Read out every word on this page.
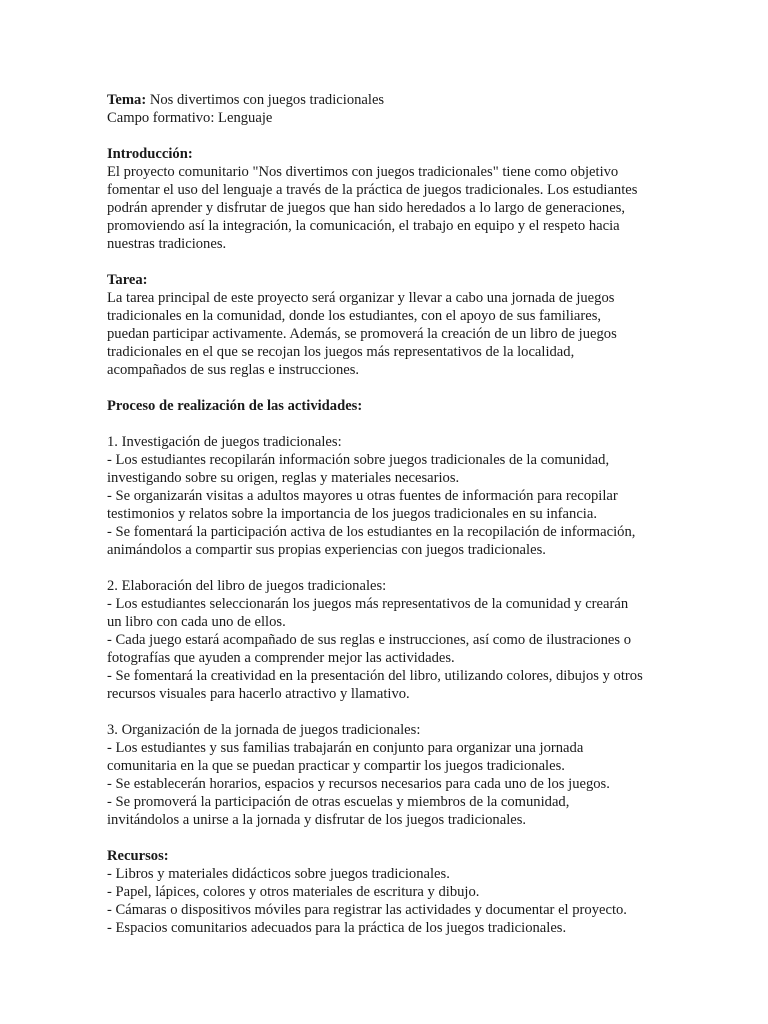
Tema: Nos divertimos con juegos tradicionales
Campo formativo: Lenguaje
Introducción:
El proyecto comunitario "Nos divertimos con juegos tradicionales" tiene como objetivo
fomentar el uso del lenguaje a través de la práctica de juegos tradicionales. Los estudiantes
podrán aprender y disfrutar de juegos que han sido heredados a lo largo de generaciones,
promoviendo así la integración, la comunicación, el trabajo en equipo y el respeto hacia
nuestras tradiciones.
Tarea:
La tarea principal de este proyecto será organizar y llevar a cabo una jornada de juegos
tradicionales en la comunidad, donde los estudiantes, con el apoyo de sus familiares,
puedan participar activamente. Además, se promoverá la creación de un libro de juegos
tradicionales en el que se recojan los juegos más representativos de la localidad,
acompañados de sus reglas e instrucciones.
Proceso de realización de las actividades:
1. Investigación de juegos tradicionales:
- Los estudiantes recopilarán información sobre juegos tradicionales de la comunidad,
investigando sobre su origen, reglas y materiales necesarios.
- Se organizarán visitas a adultos mayores u otras fuentes de información para recopilar
testimonios y relatos sobre la importancia de los juegos tradicionales en su infancia.
- Se fomentará la participación activa de los estudiantes en la recopilación de información,
animándolos a compartir sus propias experiencias con juegos tradicionales.
2. Elaboración del libro de juegos tradicionales:
- Los estudiantes seleccionarán los juegos más representativos de la comunidad y crearán
un libro con cada uno de ellos.
- Cada juego estará acompañado de sus reglas e instrucciones, así como de ilustraciones o
fotografías que ayuden a comprender mejor las actividades.
- Se fomentará la creatividad en la presentación del libro, utilizando colores, dibujos y otros
recursos visuales para hacerlo atractivo y llamativo.
3. Organización de la jornada de juegos tradicionales:
- Los estudiantes y sus familias trabajarán en conjunto para organizar una jornada
comunitaria en la que se puedan practicar y compartir los juegos tradicionales.
- Se establecerán horarios, espacios y recursos necesarios para cada uno de los juegos.
- Se promoverá la participación de otras escuelas y miembros de la comunidad,
invitándolos a unirse a la jornada y disfrutar de los juegos tradicionales.
Recursos:
- Libros y materiales didácticos sobre juegos tradicionales.
- Papel, lápices, colores y otros materiales de escritura y dibujo.
- Cámaras o dispositivos móviles para registrar las actividades y documentar el proyecto.
- Espacios comunitarios adecuados para la práctica de los juegos tradicionales.
